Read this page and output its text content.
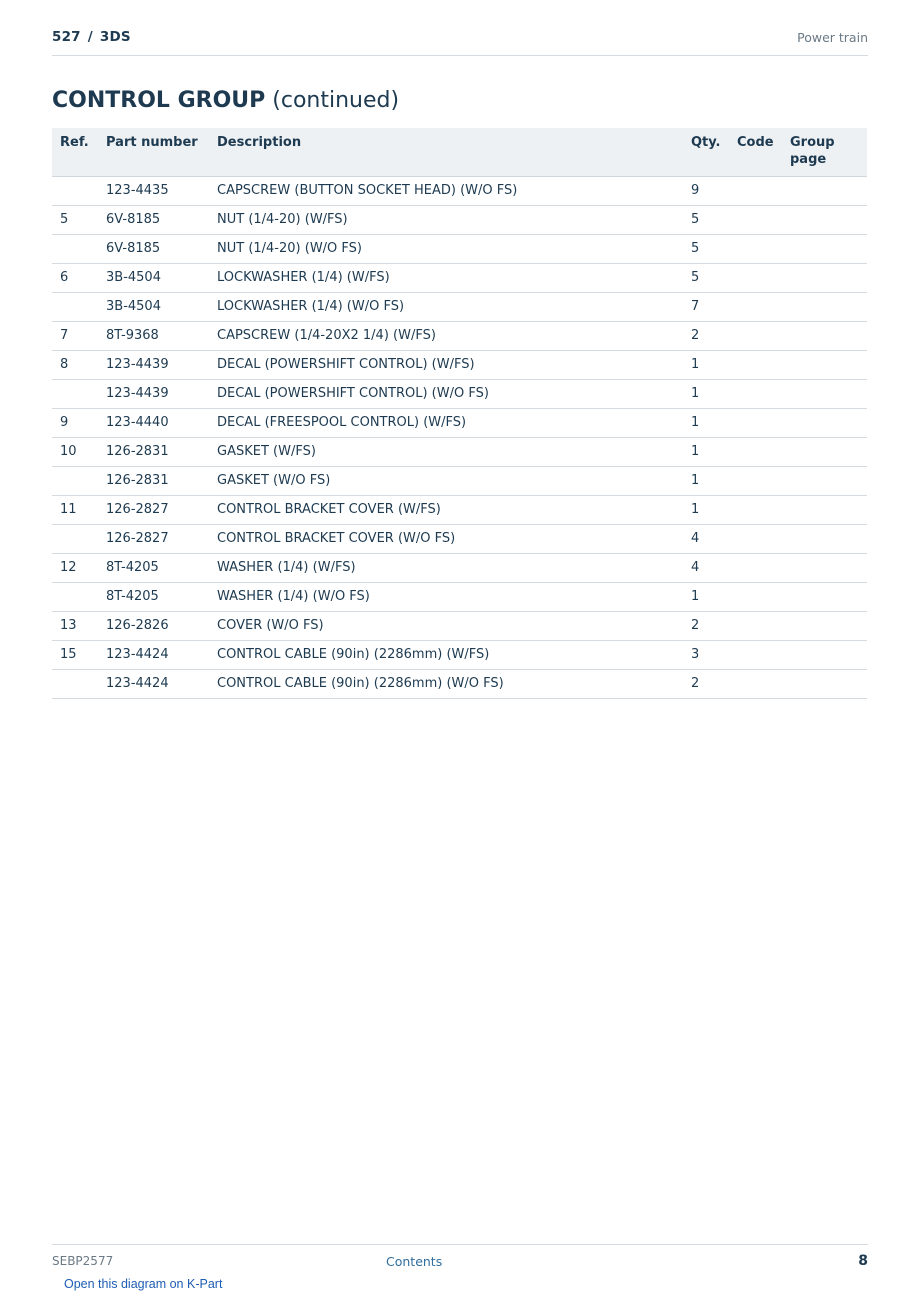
527 / 3DS	Power train
CONTROL GROUP (continued)
Ref.	Part number	Description	Qty.	Code	Group page
	123-4435	CAPSCREW (BUTTON SOCKET HEAD) (W/O FS)	9		
5	6V-8185	NUT (1/4-20) (W/FS)	5		
	6V-8185	NUT (1/4-20) (W/O FS)	5		
6	3B-4504	LOCKWASHER (1/4) (W/FS)	5		
	3B-4504	LOCKWASHER (1/4) (W/O FS)	7		
7	8T-9368	CAPSCREW (1/4-20X2 1/4) (W/FS)	2		
8	123-4439	DECAL (POWERSHIFT CONTROL) (W/FS)	1		
	123-4439	DECAL (POWERSHIFT CONTROL) (W/O FS)	1		
9	123-4440	DECAL (FREESPOOL CONTROL) (W/FS)	1		
10	126-2831	GASKET (W/FS)	1		
	126-2831	GASKET (W/O FS)	1		
11	126-2827	CONTROL BRACKET COVER (W/FS)	1		
	126-2827	CONTROL BRACKET COVER (W/O FS)	4		
12	8T-4205	WASHER (1/4) (W/FS)	4		
	8T-4205	WASHER (1/4) (W/O FS)	1		
13	126-2826	COVER (W/O FS)	2		
15	123-4424	CONTROL CABLE (90in) (2286mm) (W/FS)	3		
	123-4424	CONTROL CABLE (90in) (2286mm) (W/O FS)	2		
SEBP2577	Contents	8
Open this diagram on K-Part
